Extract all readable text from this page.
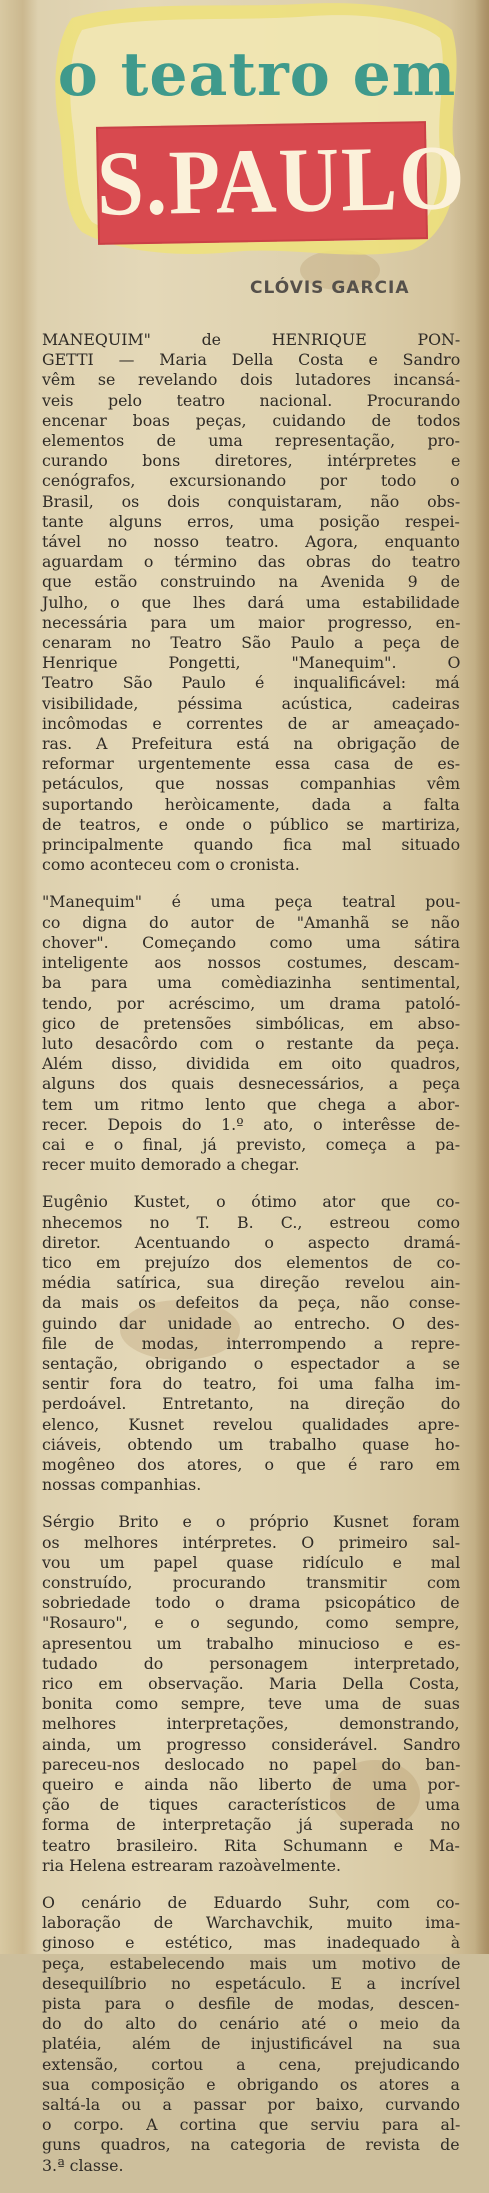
o teatro em
S.PAULO
CLÓVIS GARCIA
MANEQUIM" de HENRIQUE PON-
GETTI — Maria Della Costa e Sandro
vêm se revelando dois lutadores incansá-
veis pelo teatro nacional. Procurando
encenar boas peças, cuidando de todos
elementos de uma representação, pro-
curando bons diretores, intérpretes e
cenógrafos, excursionando por todo o
Brasil, os dois conquistaram, não obs-
tante alguns erros, uma posição respei-
tável no nosso teatro. Agora, enquanto
aguardam o término das obras do teatro
que estão construindo na Avenida 9 de
Julho, o que lhes dará uma estabilidade
necessária para um maior progresso, en-
cenaram no Teatro São Paulo a peça de
Henrique Pongetti, "Manequim". O
Teatro São Paulo é inqualificável: má
visibilidade, péssima acústica, cadeiras
incômodas e correntes de ar ameaçado-
ras. A Prefeitura está na obrigação de
reformar urgentemente essa casa de es-
petáculos, que nossas companhias vêm
suportando heròicamente, dada a falta
de teatros, e onde o público se martiriza,
principalmente quando fica mal situado
como aconteceu com o cronista.
"Manequim" é uma peça teatral pou-
co digna do autor de "Amanhã se não
chover". Começando como uma sátira
inteligente aos nossos costumes, descam-
ba para uma comèdiazinha sentimental,
tendo, por acréscimo, um drama patoló-
gico de pretensões simbólicas, em abso-
luto desacôrdo com o restante da peça.
Além disso, dividida em oito quadros,
alguns dos quais desnecessários, a peça
tem um ritmo lento que chega a abor-
recer. Depois do 1.º ato, o interêsse de-
cai e o final, já previsto, começa a pa-
recer muito demorado a chegar.
Eugênio Kustet, o ótimo ator que co-
nhecemos no T. B. C., estreou como
diretor. Acentuando o aspecto dramá-
tico em prejuízo dos elementos de co-
média satírica, sua direção revelou ain-
da mais os defeitos da peça, não conse-
guindo dar unidade ao entrecho. O des-
file de modas, interrompendo a repre-
sentação, obrigando o espectador a se
sentir fora do teatro, foi uma falha im-
perdoável. Entretanto, na direção do
elenco, Kusnet revelou qualidades apre-
ciáveis, obtendo um trabalho quase ho-
mogêneo dos atores, o que é raro em
nossas companhias.
Sérgio Brito e o próprio Kusnet foram
os melhores intérpretes. O primeiro sal-
vou um papel quase ridículo e mal
construído, procurando transmitir com
sobriedade todo o drama psicopático de
"Rosauro", e o segundo, como sempre,
apresentou um trabalho minucioso e es-
tudado do personagem interpretado,
rico em observação. Maria Della Costa,
bonita como sempre, teve uma de suas
melhores interpretações, demonstrando,
ainda, um progresso considerável. Sandro
pareceu-nos deslocado no papel do ban-
queiro e ainda não liberto de uma por-
ção de tiques característicos de uma
forma de interpretação já superada no
teatro brasileiro. Rita Schumann e Ma-
ria Helena estrearam razoàvelmente.
O cenário de Eduardo Suhr, com co-
laboração de Warchavchik, muito ima-
ginoso e estético, mas inadequado à
peça, estabelecendo mais um motivo de
desequilíbrio no espetáculo. E a incrível
pista para o desfile de modas, descen-
do do alto do cenário até o meio da
platéia, além de injustificável na sua
extensão, cortou a cena, prejudicando
sua composição e obrigando os atores a
saltá-la ou a passar por baixo, curvando
o corpo. A cortina que serviu para al-
guns quadros, na categoria de revista de
3.ª classe.
